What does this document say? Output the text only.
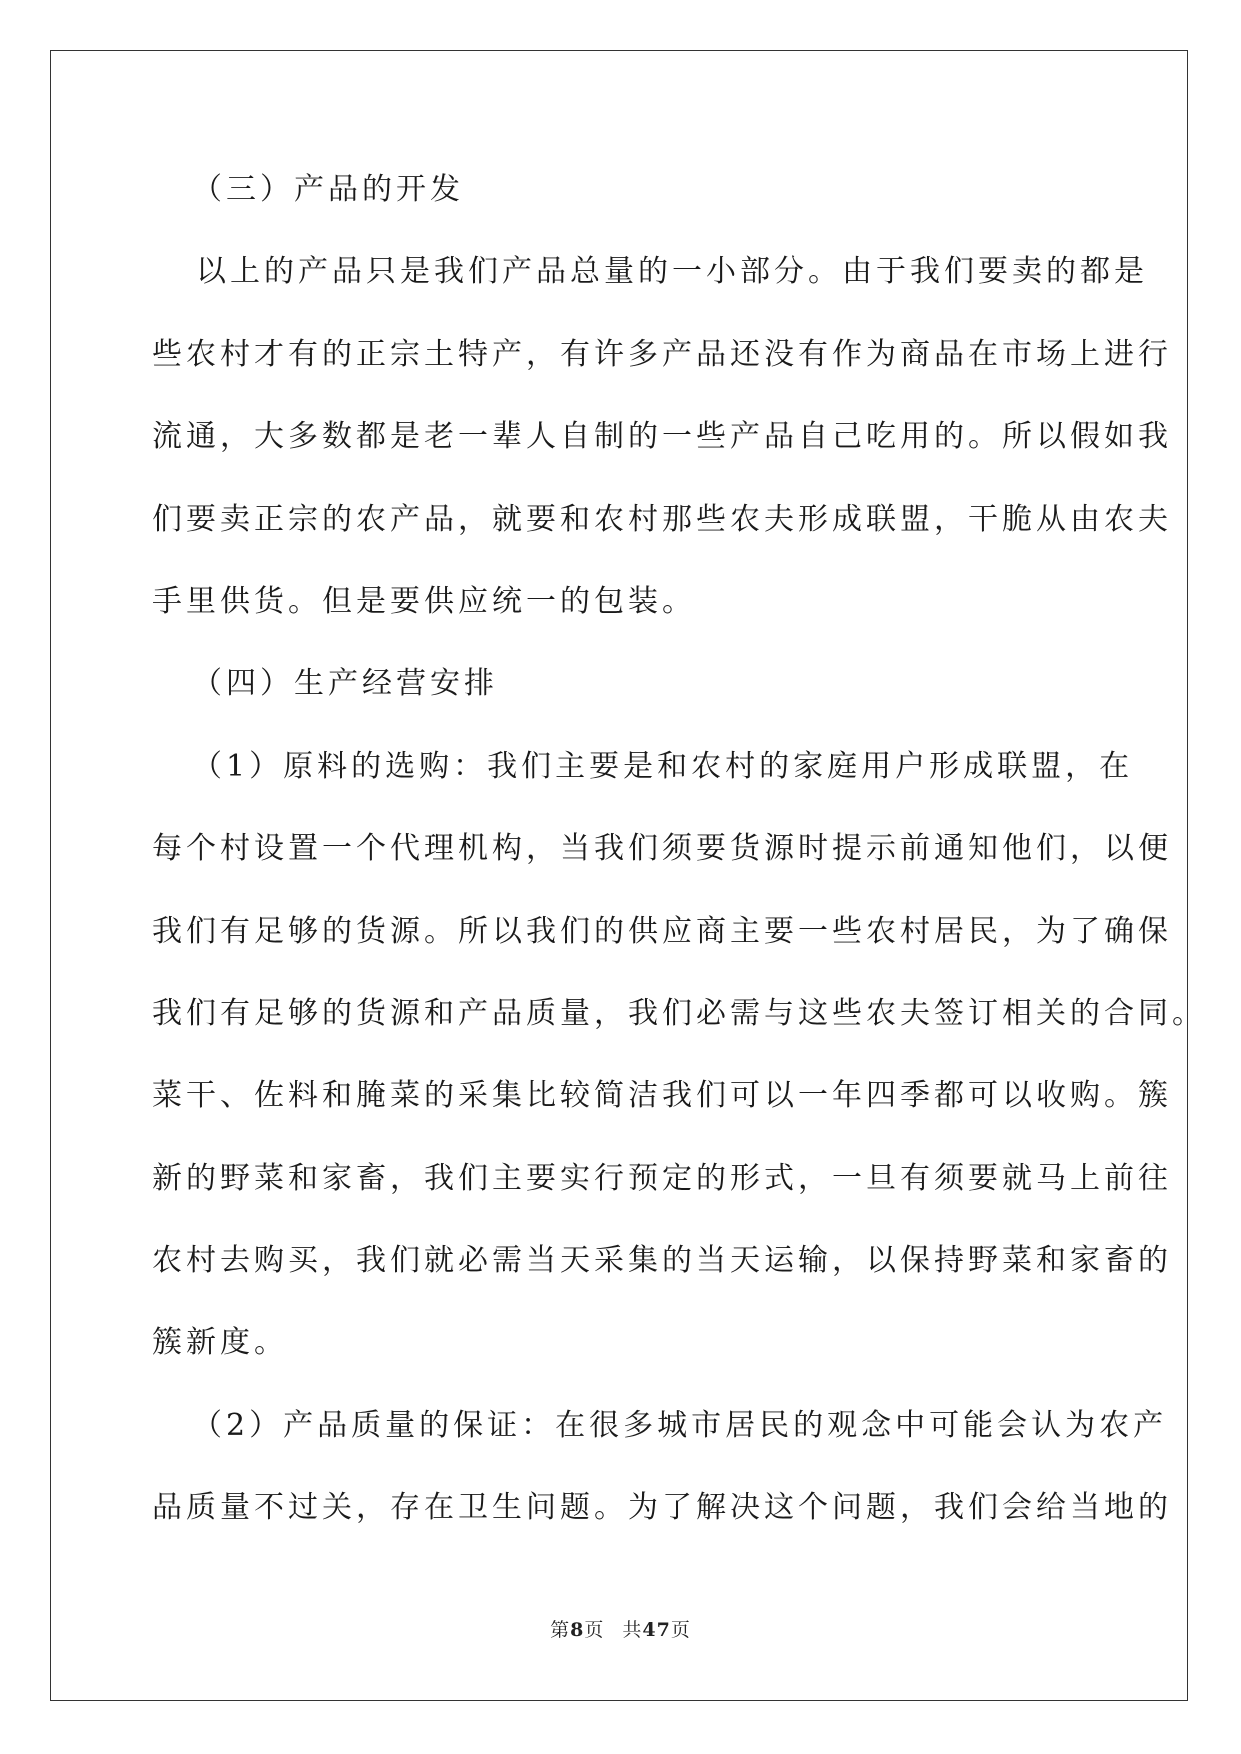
（三）产品的开发
以上的产品只是我们产品总量的一小部分。由于我们要卖的都是
些农村才有的正宗土特产，有许多产品还没有作为商品在市场上进行
流通，大多数都是老一辈人自制的一些产品自己吃用的。所以假如我
们要卖正宗的农产品，就要和农村那些农夫形成联盟，干脆从由农夫
手里供货。但是要供应统一的包装。
（四）生产经营安排
（1）原料的选购：我们主要是和农村的家庭用户形成联盟，在
每个村设置一个代理机构，当我们须要货源时提示前通知他们，以便
我们有足够的货源。所以我们的供应商主要一些农村居民，为了确保
我们有足够的货源和产品质量，我们必需与这些农夫签订相关的合同。
菜干、佐料和腌菜的采集比较简洁我们可以一年四季都可以收购。簇
新的野菜和家畜，我们主要实行预定的形式，一旦有须要就马上前往
农村去购买，我们就必需当天采集的当天运输，以保持野菜和家畜的
簇新度。
（2）产品质量的保证：在很多城市居民的观念中可能会认为农产
品质量不过关，存在卫生问题。为了解决这个问题，我们会给当地的
第8页 共47页
